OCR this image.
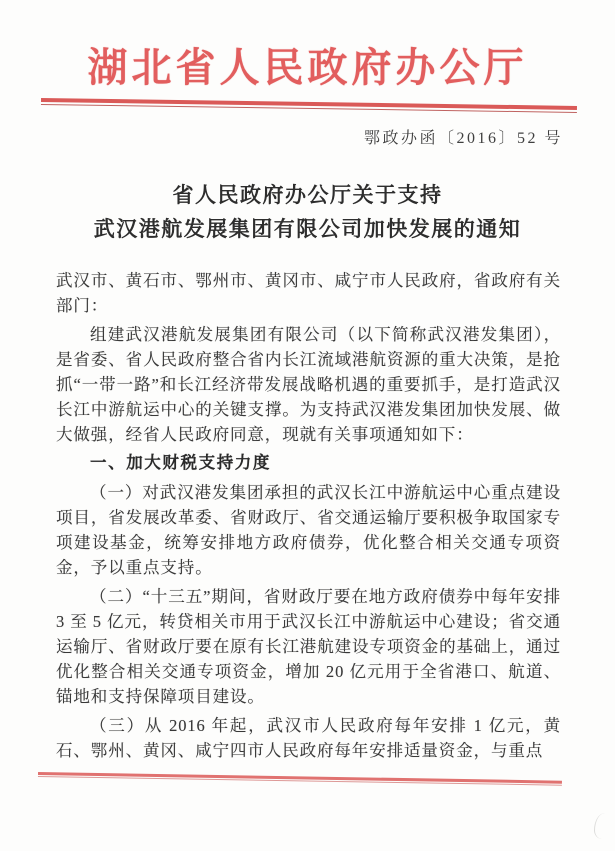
湖北省人民政府办公厅
鄂政办函〔2016〕52 号
省人民政府办公厅关于支持
武汉港航发展集团有限公司加快发展的通知

武汉市、黄石市、鄂州市、黄冈市、咸宁市人民政府，省政府有关部门：

组建武汉港航发展集团有限公司（以下简称武汉港发集团），是省委、省人民政府整合省内长江流域港航资源的重大决策，是抢抓“一带一路”和长江经济带发展战略机遇的重要抓手，是打造武汉长江中游航运中心的关键支撑。为支持武汉港发集团加快发展、做大做强，经省人民政府同意，现就有关事项通知如下：

一、加大财税支持力度

（一）对武汉港发集团承担的武汉长江中游航运中心重点建设项目，省发展改革委、省财政厅、省交通运输厅要积极争取国家专项建设基金，统筹安排地方政府债券，优化整合相关交通专项资金，予以重点支持。

（二）“十三五”期间，省财政厅要在地方政府债券中每年安排 3 至 5 亿元，转贷相关市用于武汉长江中游航运中心建设；省交通运输厅、省财政厅要在原有长江港航建设专项资金的基础上，通过优化整合相关交通专项资金，增加 20 亿元用于全省港口、航道、锚地和支持保障项目建设。

（三）从 2016 年起，武汉市人民政府每年安排 1 亿元，黄石、鄂州、黄冈、咸宁四市人民政府每年安排适量资金，与重点
